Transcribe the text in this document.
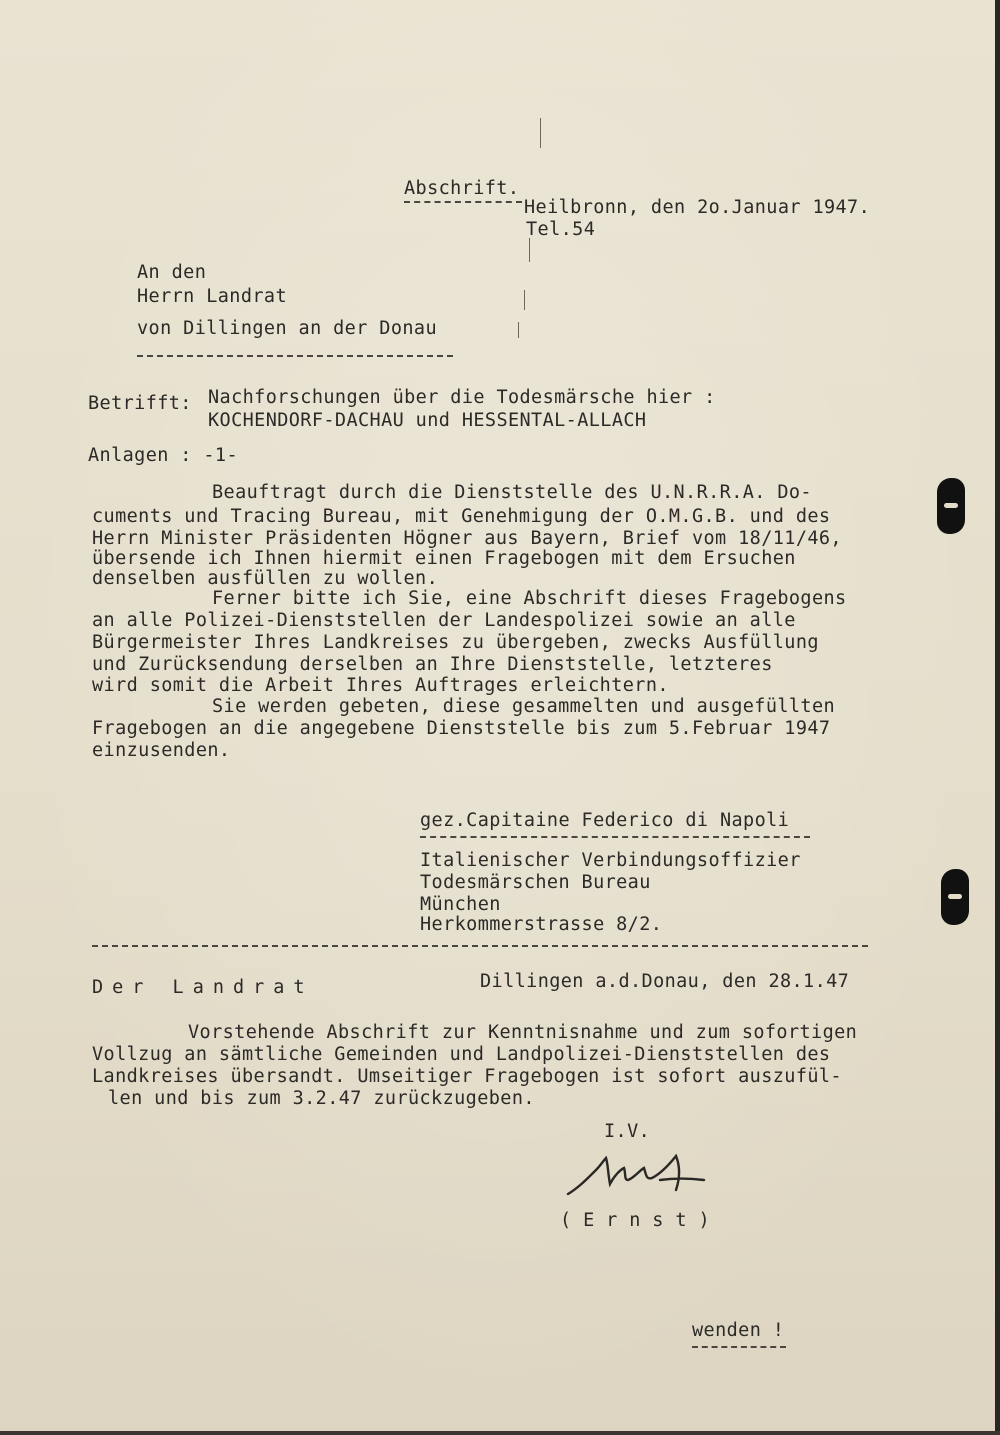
Abschrift.
Heilbronn, den 2o.Januar 1947.
Tel.54
An den
Herrn Landrat
von Dillingen an der Donau
Betrifft: Nachforschungen über die Todesmärsche hier :
KOCHENDORF-DACHAU und HESSENTAL-ALLACH
Anlagen : -1-
Beauftragt durch die Dienststelle des U.N.R.R.A. Do-
cuments und Tracing Bureau, mit Genehmigung der O.M.G.B. und des
Herrn Minister Präsidenten Högner aus Bayern, Brief vom 18/11/46,
übersende ich Ihnen hiermit einen Fragebogen mit dem Ersuchen
denselben ausfüllen zu wollen.
Ferner bitte ich Sie, eine Abschrift dieses Fragebogens
an alle Polizei-Dienststellen der Landespolizei sowie an alle
Bürgermeister Ihres Landkreises zu übergeben, zwecks Ausfüllung
und Zurücksendung derselben an Ihre Dienststelle, letzteres
wird somit die Arbeit Ihres Auftrages erleichtern.
Sie werden gebeten, diese gesammelten und ausgefüllten
Fragebogen an die angegebene Dienststelle bis zum 5.Februar 1947
einzusenden.
gez.Capitaine Federico di Napoli
Italienischer Verbindungsoffizier
Todesmärschen Bureau
München
Herkommerstrasse 8/2.
Der Landrat	Dillingen a.d.Donau, den 28.1.47
Vorstehende Abschrift zur Kenntnisnahme und zum sofortigen
Vollzug an sämtliche Gemeinden und Landpolizei-Dienststellen des
Landkreises übersandt. Umseitiger Fragebogen ist sofort auszufül-
len und bis zum 3.2.47 zurückzugeben.
I.V.
( E r n s t )
wenden !
